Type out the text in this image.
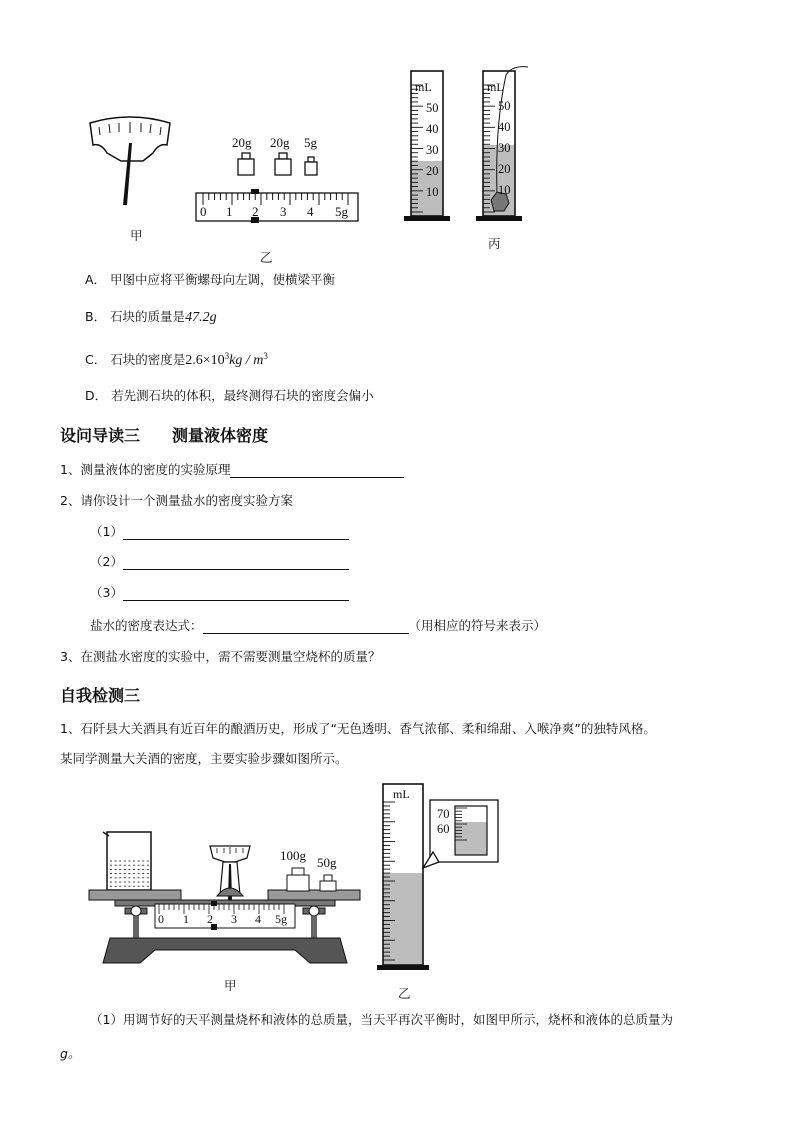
甲
20g 20g 5g
0 1 2 3 4 5g
乙
mL	mL
50
40
30
20
10
50
40
30
20
10
丙
A． 甲图中应将平衡螺母向左调，使横梁平衡
B． 石块的质量是47.2g
C． 石块的密度是$2.6\times 10^3kg / m^3$
D． 若先测石块的体积，最终测得石块的密度会偏小
设问导读三　　测量液体密度
1、测量液体的密度的实验原理
2、请你设计一个测量盐水的密度实验方案
（1）
（2）
（3）
盐水的密度表达式：	（用相应的符号来表示）
3、在测盐水密度的实验中，需不需要测量空烧杯的质量？
自我检测三
1、石阡县大关酒具有近百年的酿酒历史，形成了“无色透明、香气浓郁、柔和绵甜、入喉净爽”的独特风格。
某同学测量大关酒的密度，主要实验步骤如图所示。
100g 50g
0 1 2 3 4 5g
甲
mL
70
60
乙
（1）用调节好的天平测量烧杯和液体的总质量，当天平再次平衡时，如图甲所示，烧杯和液体的总质量为
g。
